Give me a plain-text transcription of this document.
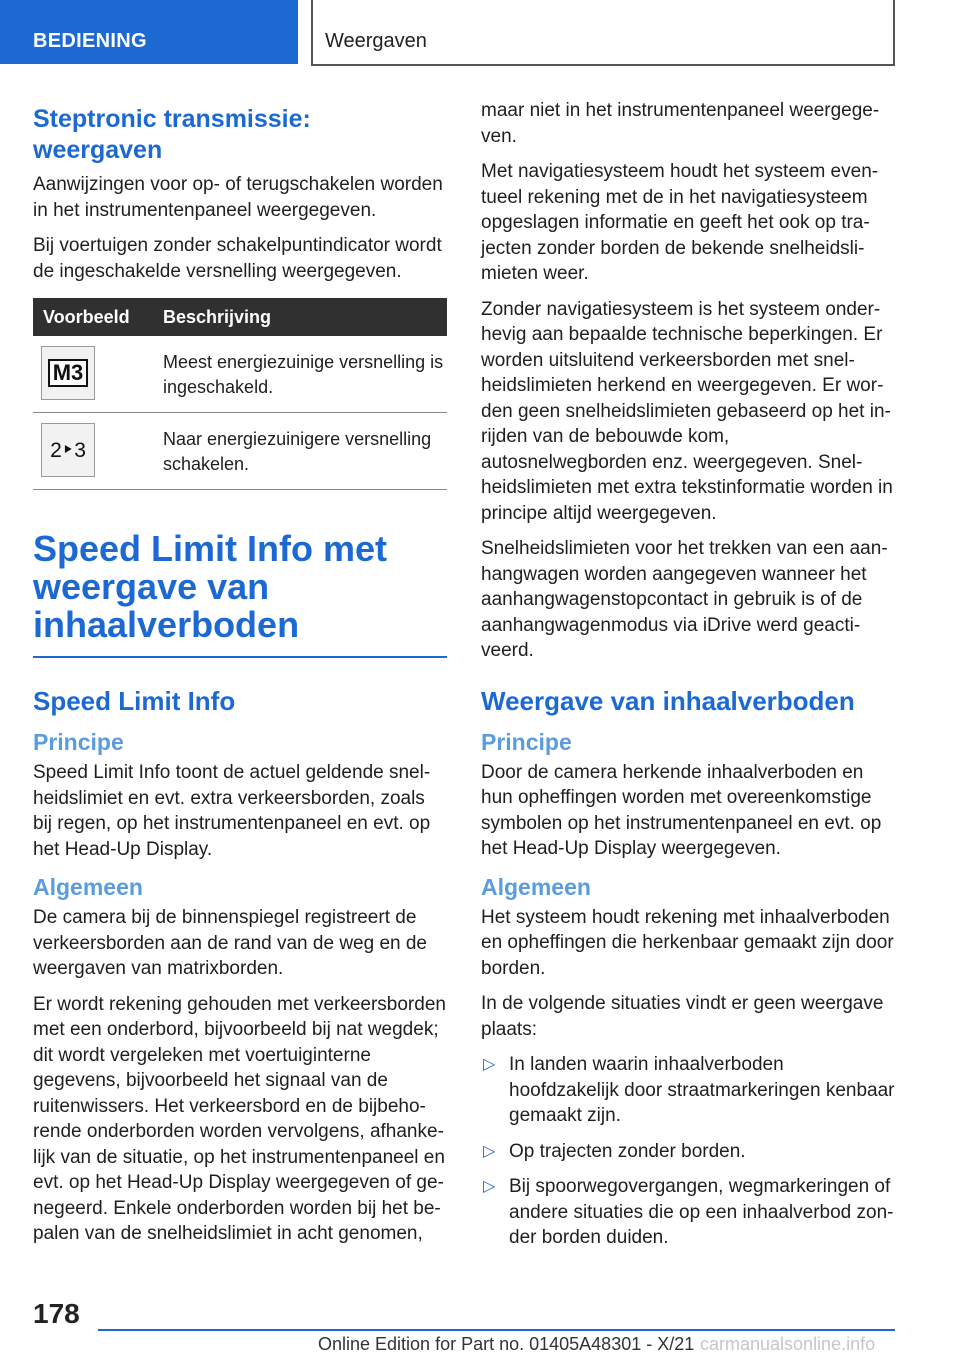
BEDIENING	Weergaven
Steptronic transmissie: weergaven

Aanwijzingen voor op- of terugschakelen worden in het instrumentenpaneel weergegeven.

Bij voertuigen zonder schakelpuntindicator wordt de ingeschakelde versnelling weergegeven.

Voorbeeld	Beschrijving

M3	Meest energiezuinige versnelling is ingeschakeld.

2‣3	Naar energiezuinigere versnelling schakelen.
Speed Limit Info met weergave van inhaalverboden
Speed Limit Info
Principe

Speed Limit Info toont de actuel geldende snelheidslimiet en evt. extra verkeersborden, zoals bij regen, op het instrumentenpaneel en evt. op het Head-Up Display.

Algemeen

De camera bij de binnenspiegel registreert de verkeersborden aan de rand van de weg en de weergaven van matrixborden.

Er wordt rekening gehouden met verkeersborden met een onderbord, bijvoorbeeld bij nat wegdek; dit wordt vergeleken met voertuiginterne gegevens, bijvoorbeeld het signaal van de ruitenwissers. Het verkeersbord en de bijbehorende onderborden worden vervolgens, afhankelijk van de situatie, op het instrumentenpaneel en evt. op het Head-Up Display weergegeven of genegeerd. Enkele onderborden worden bij het bepalen van de snelheidslimiet in acht genomen,

maar niet in het instrumentenpaneel weergegeven.

Met navigatiesysteem houdt het systeem eventueel rekening met de in het navigatiesysteem opgeslagen informatie en geeft het ook op trajecten zonder borden de bekende snelheidslimieten weer.

Zonder navigatiesysteem is het systeem onderhevig aan bepaalde technische beperkingen. Er worden uitsluitend verkeersborden met snelheidslimieten herkend en weergegeven. Er worden geen snelheidslimieten gebaseerd op het inrijden van de bebouwde kom, autosnelwegborden enz. weergegeven. Snelheidslimieten met extra tekstinformatie worden in principe altijd weergegeven.

Snelheidslimieten voor het trekken van een aanhangwagen worden aangegeven wanneer het aanhangwagenstopcontact in gebruik is of de aanhangwagenmodus via iDrive werd geactiveerd.

Weergave van inhaalverboden
Principe

Door de camera herkende inhaalverboden en hun opheffingen worden met overeenkomstige symbolen op het instrumentenpaneel en evt. op het Head-Up Display weergegeven.

Algemeen

Het systeem houdt rekening met inhaalverboden en opheffingen die herkenbaar gemaakt zijn door borden.

In de volgende situaties vindt er geen weergave plaats:

▷ In landen waarin inhaalverboden hoofdzakelijk door straatmarkeringen kenbaar gemaakt zijn.
▷ Op trajecten zonder borden.
▷ Bij spoorwegovergangen, wegmarkeringen of andere situaties die op een inhaalverbod zonder borden duiden.
178
Online Edition for Part no. 01405A48301 - X/21 carmanualsonline.info
